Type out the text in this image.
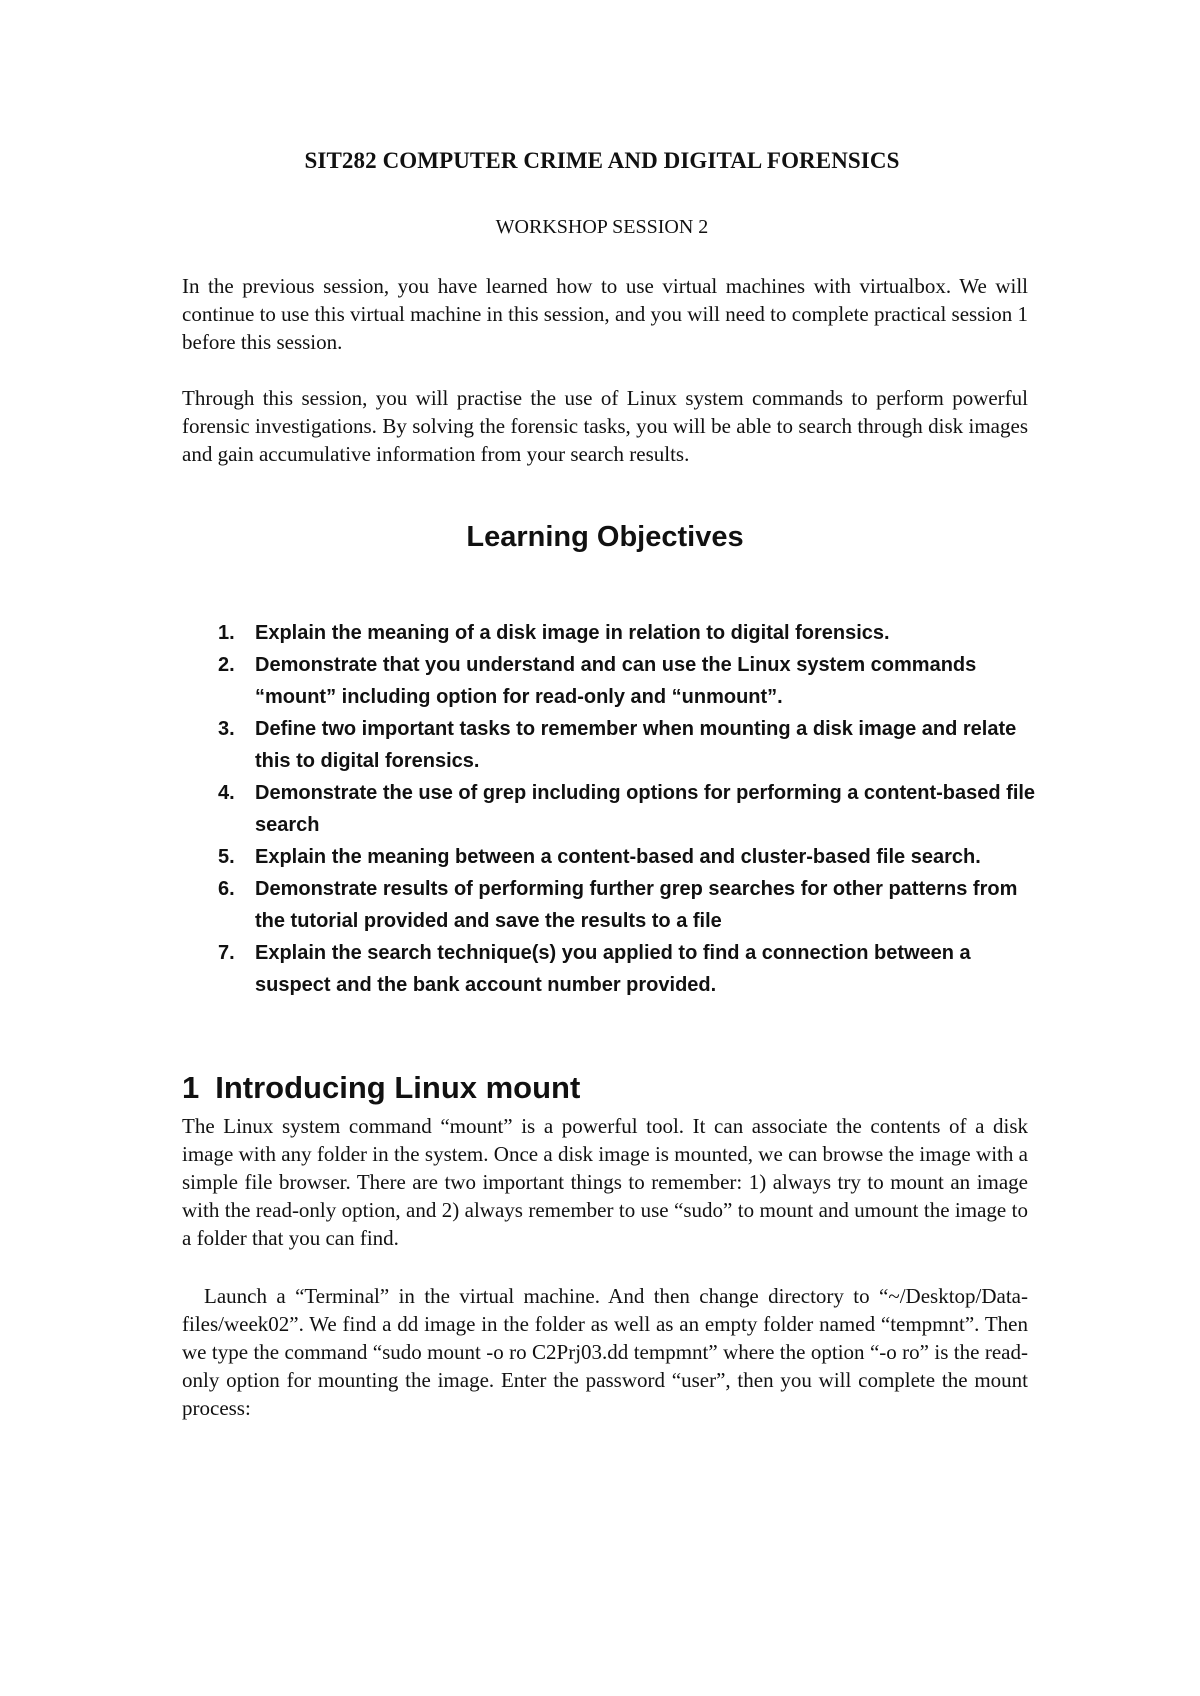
SIT282 COMPUTER CRIME AND DIGITAL FORENSICS
WORKSHOP SESSION 2

In the previous session, you have learned how to use virtual machines with virtualbox. We will continue to use this virtual machine in this session, and you will need to complete practical session 1 before this session.

Through this session, you will practise the use of Linux system commands to perform powerful forensic investigations. By solving the forensic tasks, you will be able to search through disk images and gain accumulative information from your search results.

Learning Objectives
1. Explain the meaning of a disk image in relation to digital forensics.
2. Demonstrate that you understand and can use the Linux system commands “mount” including option for read-only and “unmount”.
3. Define two important tasks to remember when mounting a disk image and relate this to digital forensics.
4. Demonstrate the use of grep including options for performing a content-based file search
5. Explain the meaning between a content-based and cluster-based file search.
6. Demonstrate results of performing further grep searches for other patterns from the tutorial provided and save the results to a file
7. Explain the search technique(s) you applied to find a connection between a suspect and the bank account number provided.
1 Introducing Linux mount

The Linux system command “mount” is a powerful tool. It can associate the contents of a disk image with any folder in the system. Once a disk image is mounted, we can browse the image with a simple file browser. There are two important things to remember: 1) always try to mount an image with the read-only option, and 2) always remember to use “sudo” to mount and umount the image to a folder that you can find.

Launch a “Terminal” in the virtual machine. And then change directory to “~/Desktop/Data-files/week02”. We find a dd image in the folder as well as an empty folder named “tempmnt”. Then we type the command “sudo mount -o ro C2Prj03.dd tempmnt” where the option “-o ro” is the read-only option for mounting the image. Enter the password “user”, then you will complete the mount process:
